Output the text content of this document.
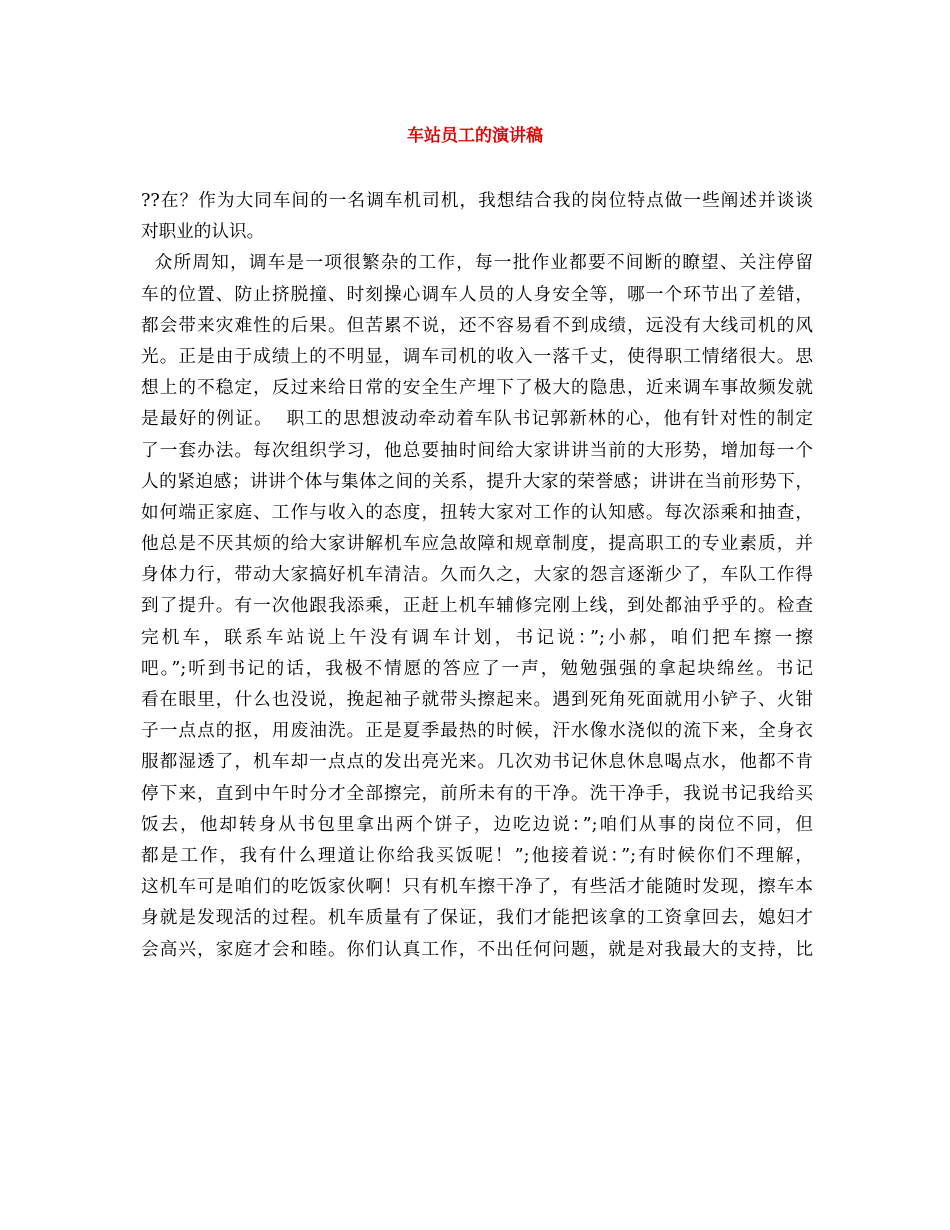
车站员工的演讲稿
??在？作为大同车间的一名调车机司机，我想结合我的岗位特点做一些阐述并谈谈
对职业的认识。
众所周知，调车是一项很繁杂的工作，每一批作业都要不间断的瞭望、关注停留
车的位置、防止挤脱撞、时刻操心调车人员的人身安全等，哪一个环节出了差错，
都会带来灾难性的后果。但苦累不说，还不容易看不到成绩，远没有大线司机的风
光。正是由于成绩上的不明显，调车司机的收入一落千丈，使得职工情绪很大。思
想上的不稳定，反过来给日常的安全生产埋下了极大的隐患，近来调车事故频发就
是最好的例证。  职工的思想波动牵动着车队书记郭新林的心，他有针对性的制定
了一套办法。每次组织学习，他总要抽时间给大家讲讲当前的大形势，增加每一个
人的紧迫感；讲讲个体与集体之间的关系，提升大家的荣誉感；讲讲在当前形势下，
如何端正家庭、工作与收入的态度，扭转大家对工作的认知感。每次添乘和抽查，
他总是不厌其烦的给大家讲解机车应急故障和规章制度，提高职工的专业素质，并
身体力行，带动大家搞好机车清洁。久而久之，大家的怨言逐渐少了，车队工作得
到了提升。有一次他跟我添乘，正赶上机车辅修完刚上线，到处都油乎乎的。检查
完机车，联系车站说上午没有调车计划，书记说：”;小郝，咱们把车擦一擦
吧。”;听到书记的话，我极不情愿的答应了一声，勉勉强强的拿起块绵丝。书记
看在眼里，什么也没说，挽起袖子就带头擦起来。遇到死角死面就用小铲子、火钳
子一点点的抠，用废油洗。正是夏季最热的时候，汗水像水浇似的流下来，全身衣
服都湿透了，机车却一点点的发出亮光来。几次劝书记休息休息喝点水，他都不肯
停下来，直到中午时分才全部擦完，前所未有的干净。洗干净手，我说书记我给买
饭去，他却转身从书包里拿出两个饼子，边吃边说：”;咱们从事的岗位不同，但
都是工作，我有什么理道让你给我买饭呢！”;他接着说：”;有时候你们不理解，
这机车可是咱们的吃饭家伙啊！只有机车擦干净了，有些活才能随时发现，擦车本
身就是发现活的过程。机车质量有了保证，我们才能把该拿的工资拿回去，媳妇才
会高兴，家庭才会和睦。你们认真工作，不出任何问题，就是对我最大的支持，比
